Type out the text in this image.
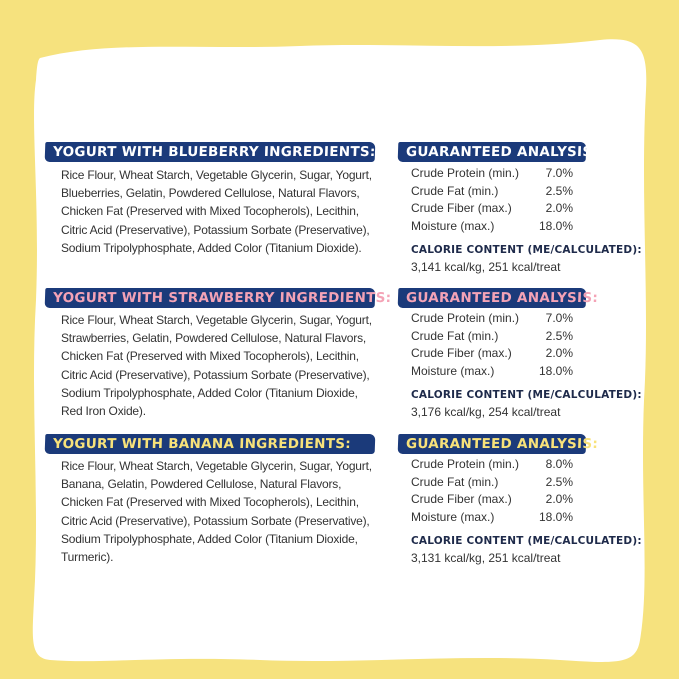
YOGURT WITH BLUEBERRY INGREDIENTS:
Rice Flour, Wheat Starch, Vegetable Glycerin, Sugar, Yogurt, Blueberries, Gelatin, Powdered Cellulose, Natural Flavors, Chicken Fat (Preserved with Mixed Tocopherols), Lecithin, Citric Acid (Preservative), Potassium Sorbate (Preservative), Sodium Tripolyphosphate, Added Color (Titanium Dioxide).
GUARANTEED ANALYSIS:
Crude Protein (min.) 7.0%
Crude Fat (min.)	2.5%
Crude Fiber (max.)	2.0%
Moisture (max.)	18.0%
CALORIE CONTENT (ME/CALCULATED):
3,141 kcal/kg, 251 kcal/treat
YOGURT WITH STRAWBERRY INGREDIENTS:
Rice Flour, Wheat Starch, Vegetable Glycerin, Sugar, Yogurt, Strawberries, Gelatin, Powdered Cellulose, Natural Flavors, Chicken Fat (Preserved with Mixed Tocopherols), Lecithin, Citric Acid (Preservative), Potassium Sorbate (Preservative), Sodium Tripolyphosphate, Added Color (Titanium Dioxide, Red Iron Oxide).
GUARANTEED ANALYSIS:
Crude Protein (min.) 7.0%
Crude Fat (min.)	2.5%
Crude Fiber (max.)	2.0%
Moisture (max.)	18.0%
CALORIE CONTENT (ME/CALCULATED):
3,176 kcal/kg, 254 kcal/treat
YOGURT WITH BANANA INGREDIENTS:
Rice Flour, Wheat Starch, Vegetable Glycerin, Sugar, Yogurt, Banana, Gelatin, Powdered Cellulose, Natural Flavors, Chicken Fat (Preserved with Mixed Tocopherols), Lecithin, Citric Acid (Preservative), Potassium Sorbate (Preservative), Sodium Tripolyphosphate, Added Color (Titanium Dioxide, Turmeric).
GUARANTEED ANALYSIS:
Crude Protein (min.) 8.0%
Crude Fat (min.)	2.5%
Crude Fiber (max.)	2.0%
Moisture (max.)	18.0%
CALORIE CONTENT (ME/CALCULATED):
3,131 kcal/kg, 251 kcal/treat
